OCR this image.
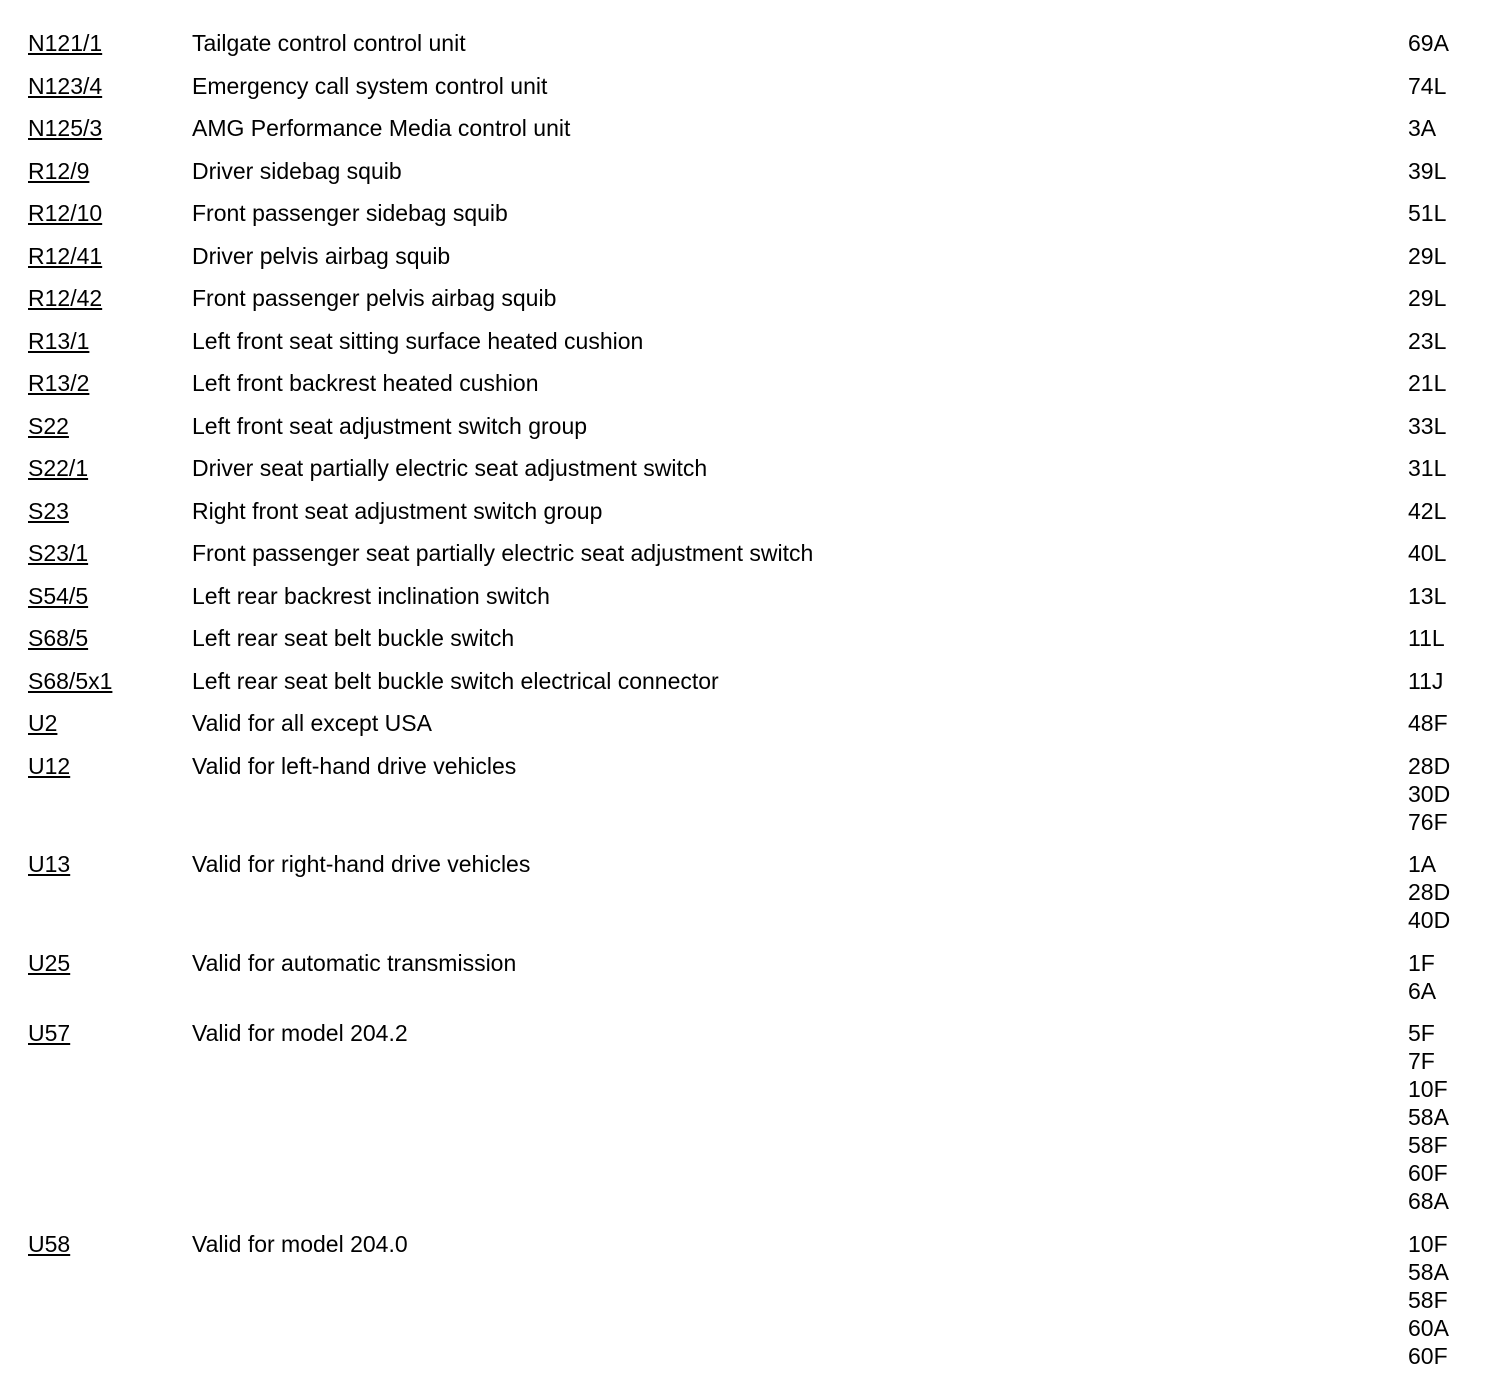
N121/1	Tailgate control control unit	69A
N123/4	Emergency call system control unit	74L
N125/3	AMG Performance Media control unit	3A
R12/9	Driver sidebag squib	39L
R12/10	Front passenger sidebag squib	51L
R12/41	Driver pelvis airbag squib	29L
R12/42	Front passenger pelvis airbag squib	29L
R13/1	Left front seat sitting surface heated cushion	23L
R13/2	Left front backrest heated cushion	21L
S22	Left front seat adjustment switch group	33L
S22/1	Driver seat partially electric seat adjustment switch	31L
S23	Right front seat adjustment switch group	42L
S23/1	Front passenger seat partially electric seat adjustment switch	40L
S54/5	Left rear backrest inclination switch	13L
S68/5	Left rear seat belt buckle switch	11L
S68/5x1	Left rear seat belt buckle switch electrical connector	11J
U2	Valid for all except USA	48F
U12	Valid for left-hand drive vehicles	28D
30D
76F
U13	Valid for right-hand drive vehicles	1A
28D
40D
U25	Valid for automatic transmission	1F
6A
U57	Valid for model 204.2	5F
7F
10F
58A
58F
60F
68A
U58	Valid for model 204.0	10F
58A
58F
60A
60F
